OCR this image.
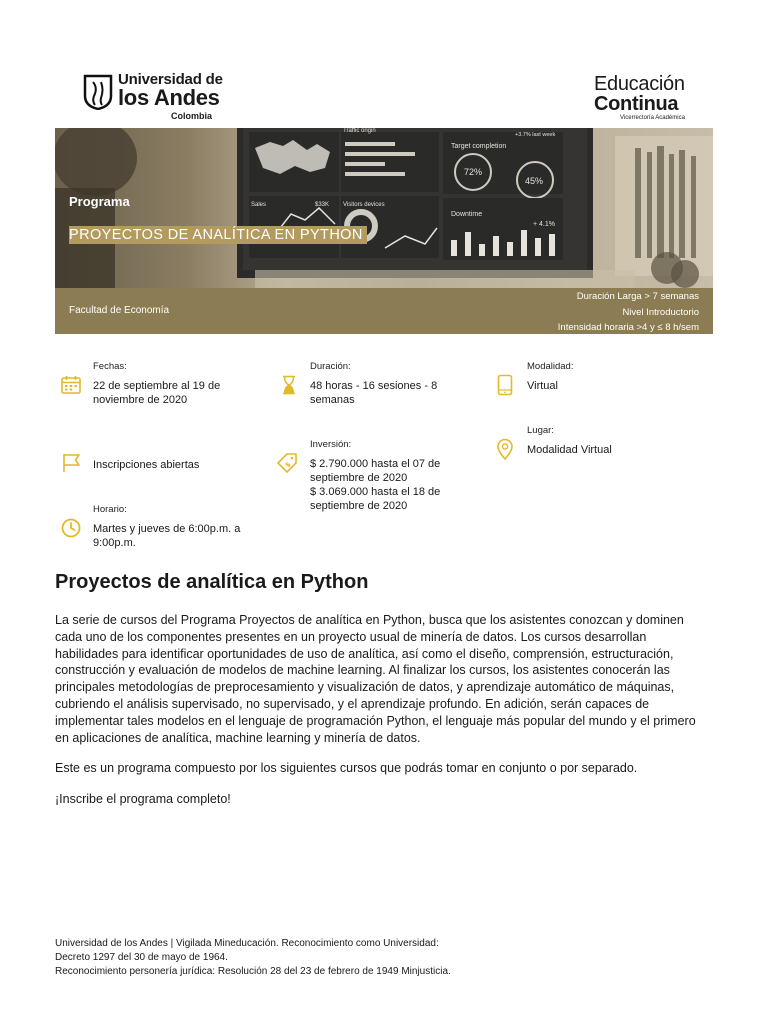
Universidad de
los Andes
Colombia
Educación
Continua
Vicerrectoría Académica
Traffic origin
Target completion
72%
45%
+3.7% last week
Sales	$33K Visitors devices
Downtime
+ 4.1%
Programa
PROYECTOS DE ANALÍTICA EN PYTHON
Facultad de Economía
Duración Larga > 7 semanas
Nivel Introductorio
Intensidad horaria >4 y ≤ 8 h/sem
Fechas:
22 de septiembre al 19 de noviembre de 2020
Inscripciones abiertas
Horario:
Martes y jueves de 6:00p.m. a 9:00p.m.
Duración:
48 horas - 16 sesiones - 8 semanas
$
Inversión:
$ 2.790.000 hasta el 07 de septiembre de 2020
$ 3.069.000 hasta el 18 de septiembre de 2020
Modalidad:
Virtual
Lugar:
Modalidad Virtual
Proyectos de analítica en Python

La serie de cursos del Programa Proyectos de analítica en Python, busca que los asistentes conozcan y dominen cada uno de los componentes presentes en un proyecto usual de minería de datos. Los cursos desarrollan habilidades para identificar oportunidades de uso de analítica, así como el diseño, comprensión, estructuración, construcción y evaluación de modelos de machine learning. Al finalizar los cursos, los asistentes conocerán las principales metodologías de preprocesamiento y visualización de datos, y aprendizaje automático de máquinas, cubriendo el análisis supervisado, no supervisado, y el aprendizaje profundo. En adición, serán capaces de implementar tales modelos en el lenguaje de programación Python, el lenguaje más popular del mundo y el primero en aplicaciones de analítica, machine learning y minería de datos.

Este es un programa compuesto por los siguientes cursos que podrás tomar en conjunto o por separado.

¡Inscribe el programa completo!

Universidad de los Andes | Vigilada Mineducación. Reconocimiento como Universidad:
Decreto 1297 del 30 de mayo de 1964.
Reconocimiento personería jurídica: Resolución 28 del 23 de febrero de 1949 Minjusticia.
